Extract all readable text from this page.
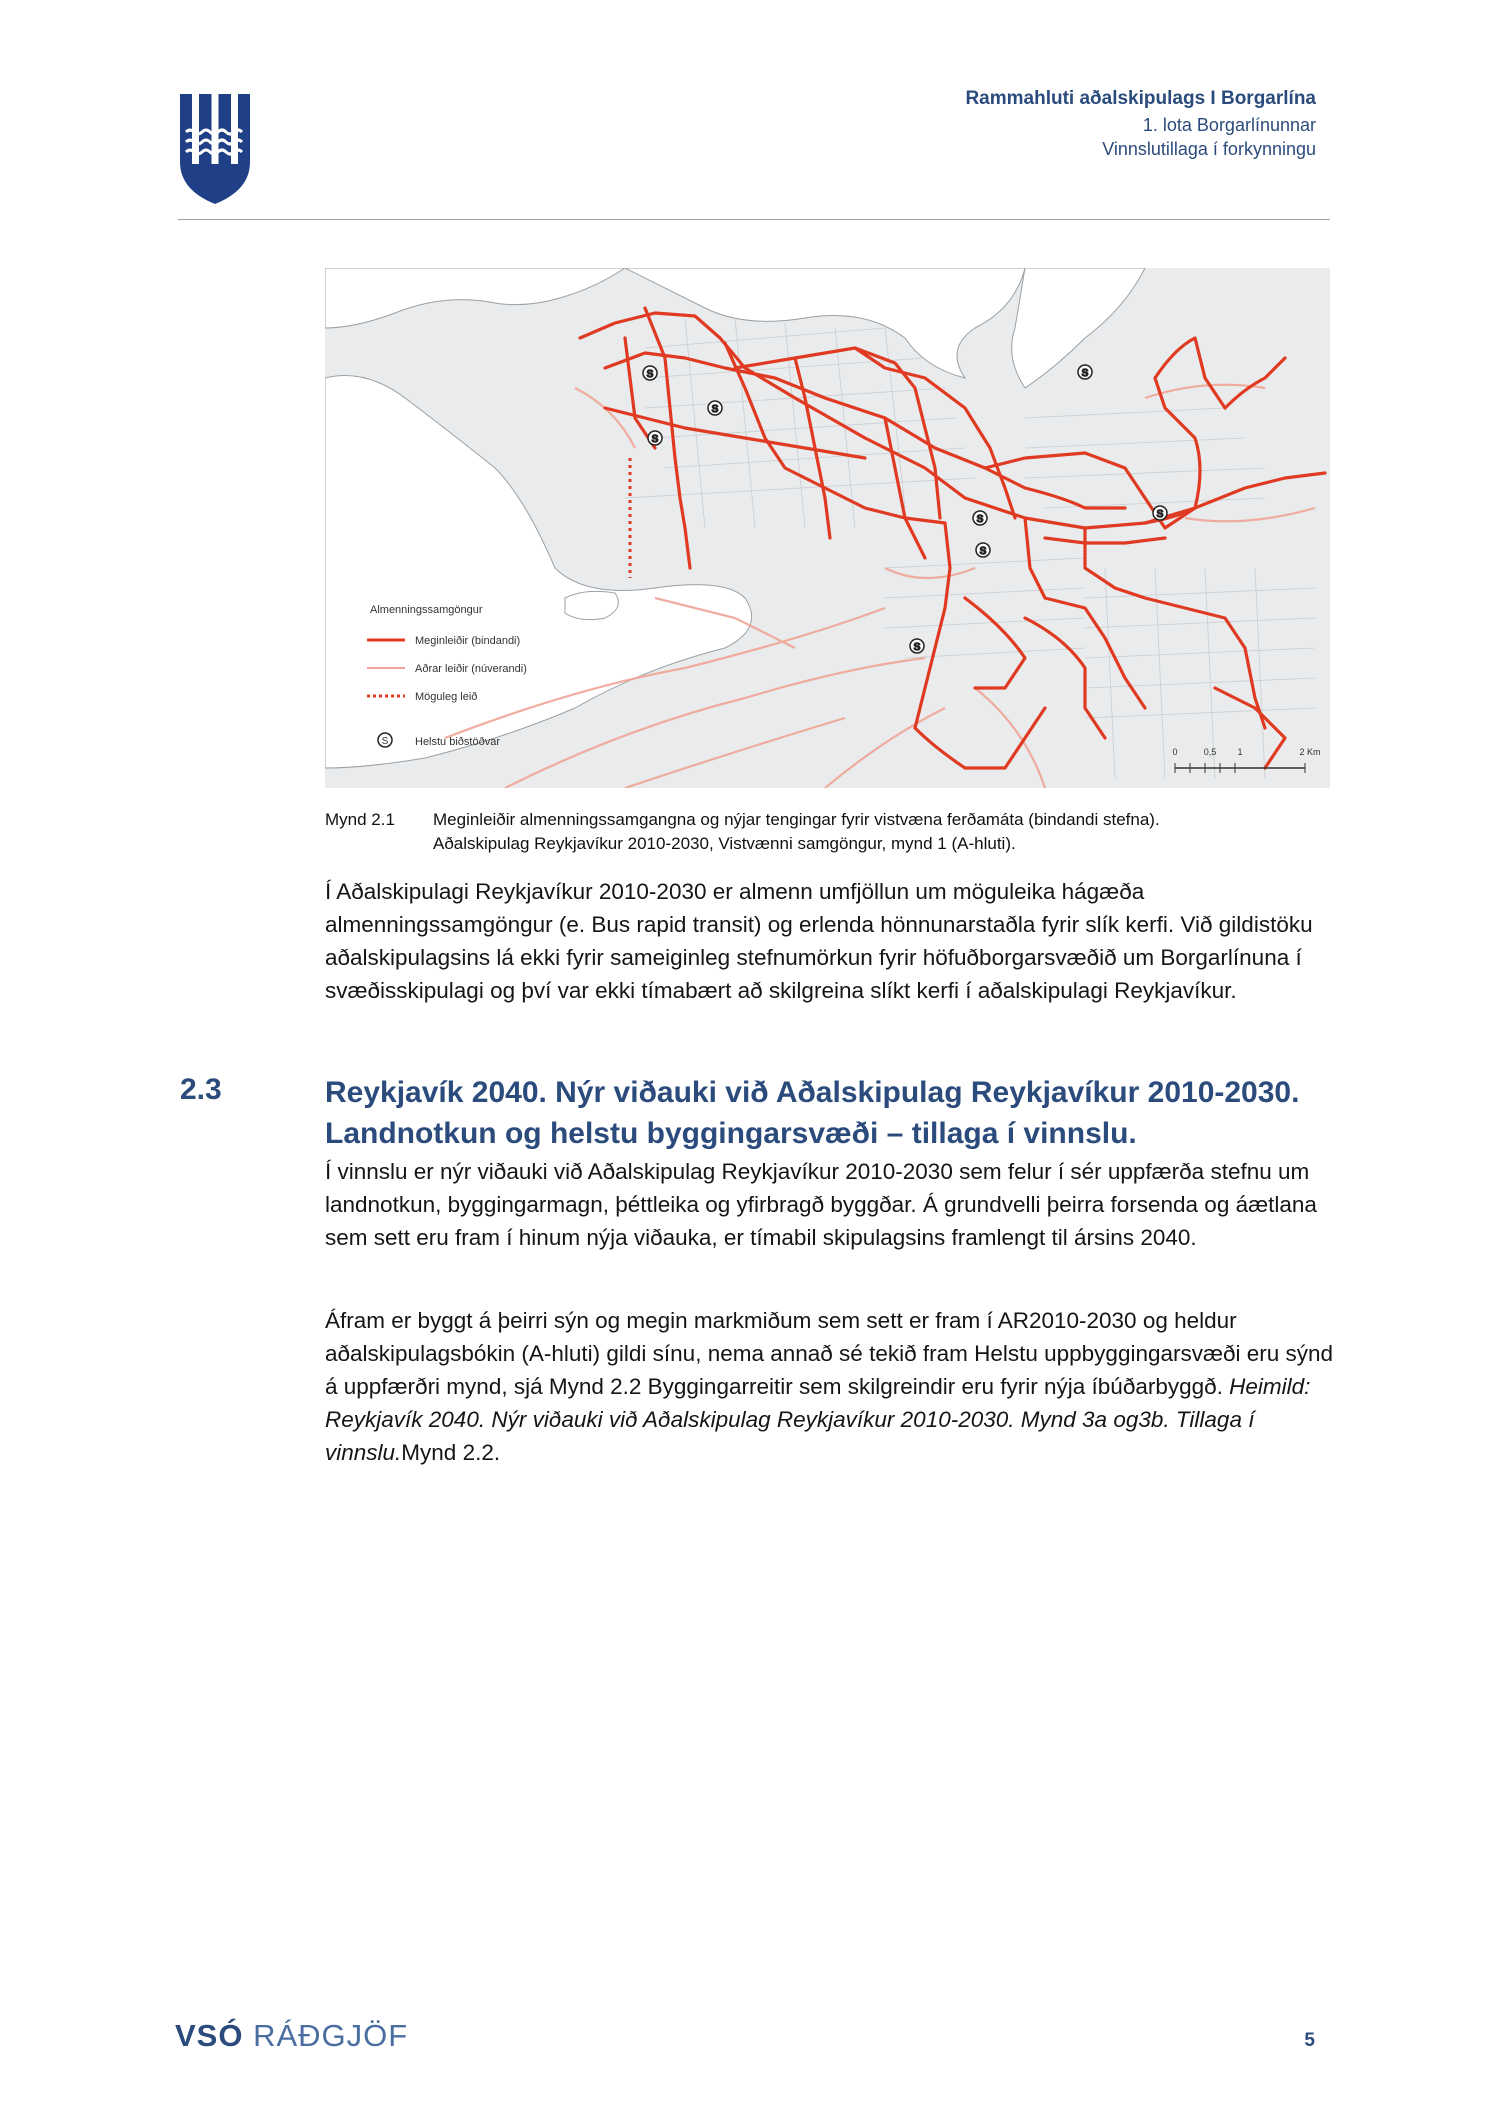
Rammahluti aðalskipulags I Borgarlína
1. lota Borgarlínunnar
Vinnslutillaga í forkynningu
S
S
S
S
S
S
S
S
Almenningssamgöngur
Meginleiðir (bindandi)
Aðrar leiðir (núverandi)
Möguleg leið
S Helstu biðstöðvar
0	0,5 1	2 Km
Mynd 2.1 Meginleiðir almenningssamgangna og nýjar tengingar fyrir vistvæna ferðamáta (bindandi stefna).
Aðalskipulag Reykjavíkur 2010-2030, Vistvænni samgöngur, mynd 1 (A-hluti).
Í Aðalskipulagi Reykjavíkur 2010-2030 er almenn umfjöllun um möguleika hágæða almenningssamgöngur (e. Bus rapid transit) og erlenda hönnunarstaðla fyrir slík kerfi. Við gildistöku aðalskipulagsins lá ekki fyrir sameiginleg stefnumörkun fyrir höfuðborgarsvæðið um Borgarlínuna í svæðisskipulagi og því var ekki tímabært að skilgreina slíkt kerfi í aðalskipulagi Reykjavíkur.
2.3	Reykjavík 2040. Nýr viðauki við Aðalskipulag Reykjavíkur 2010-2030. Landnotkun og helstu byggingarsvæði – tillaga í vinnslu.
Í vinnslu er nýr viðauki við Aðalskipulag Reykjavíkur 2010-2030 sem felur í sér uppfærða stefnu um landnotkun, byggingarmagn, þéttleika og yfirbragð byggðar. Á grundvelli þeirra forsenda og áætlana sem sett eru fram í hinum nýja viðauka, er tímabil skipulagsins framlengt til ársins 2040.
Áfram er byggt á þeirri sýn og megin markmiðum sem sett er fram í AR2010-2030 og heldur aðalskipulagsbókin (A-hluti) gildi sínu, nema annað sé tekið fram Helstu uppbyggingarsvæði eru sýnd á uppfærðri mynd, sjá Mynd 2.2 Byggingarreitir sem skilgreindir eru fyrir nýja íbúðarbyggð. Heimild: Reykjavík 2040. Nýr viðauki við Aðalskipulag Reykjavíkur 2010-2030. Mynd 3a og3b. Tillaga í vinnslu.Mynd 2.2.
VSÓ RÁÐGJÖF	5
